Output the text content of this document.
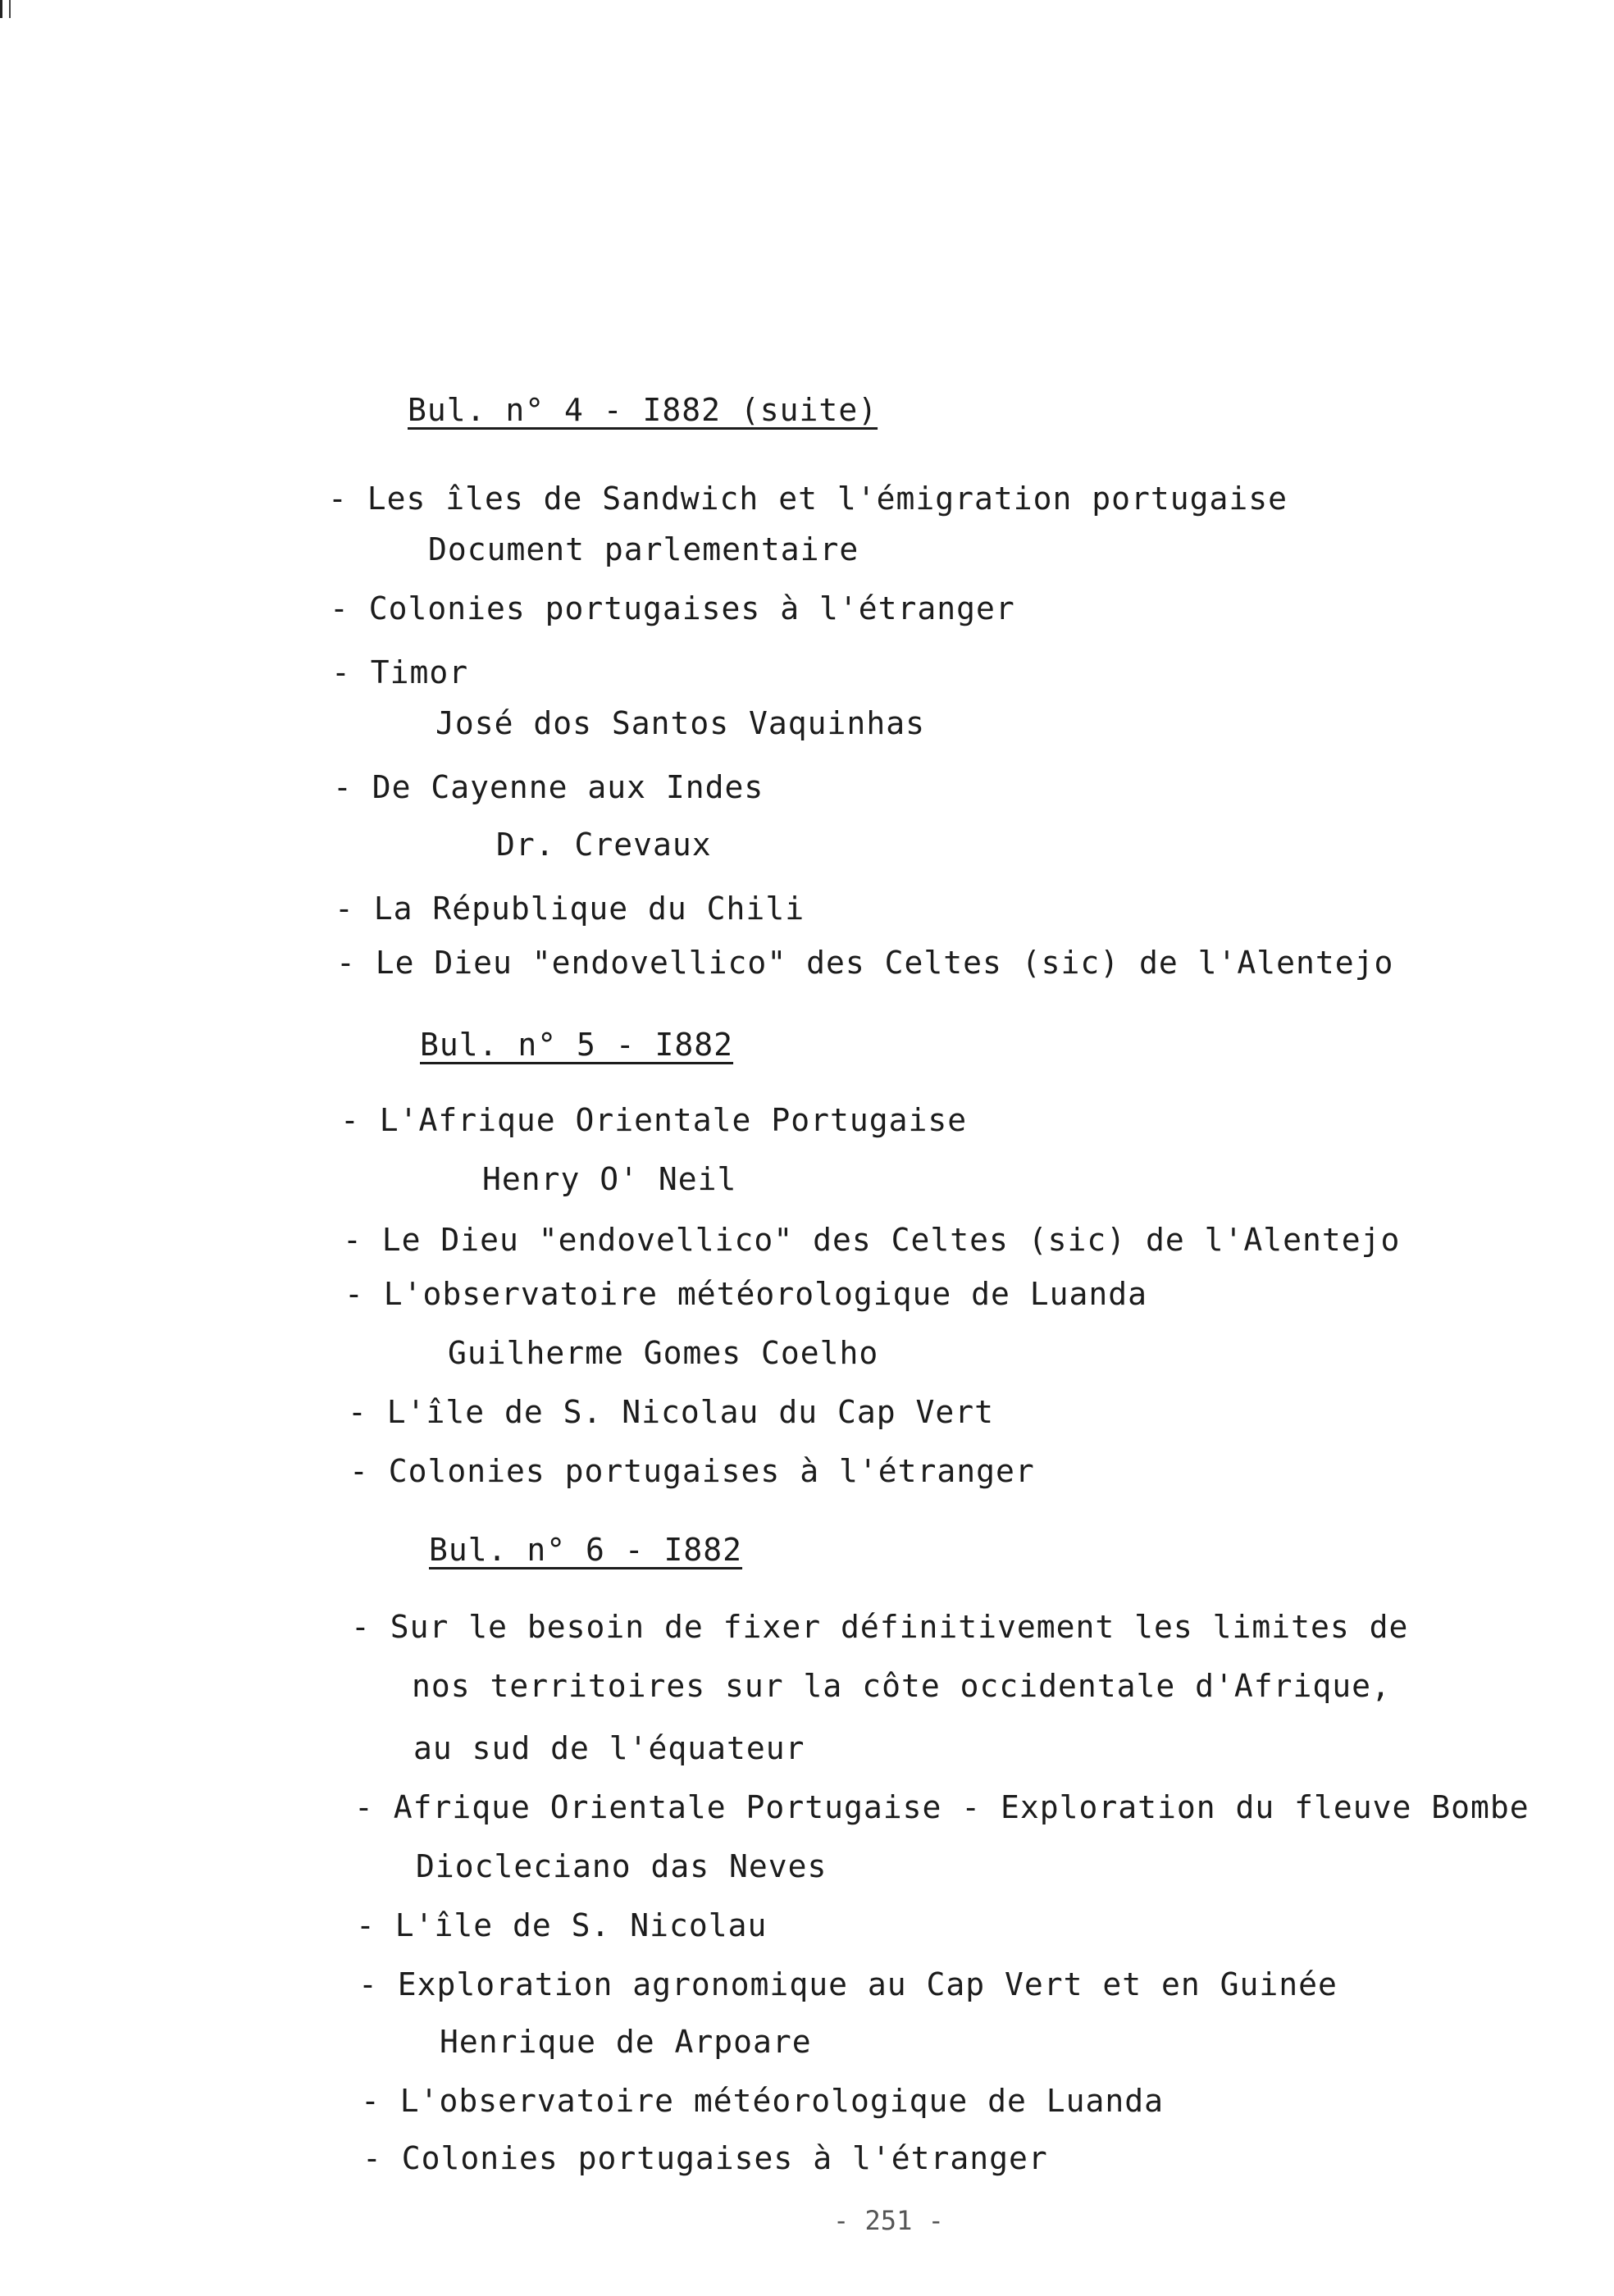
Bul. n° 4 - I882 (suite)
- Les îles de Sandwich et l'émigration portugaise
Document parlementaire
- Colonies portugaises à l'étranger
- Timor
José dos Santos Vaquinhas
- De Cayenne aux Indes
Dr. Crevaux
- La République du Chili
- Le Dieu "endovellico" des Celtes (sic) de l'Alentejo
Bul. n° 5 - I882
- L'Afrique Orientale Portugaise
Henry O' Neil
- Le Dieu "endovellico" des Celtes (sic) de l'Alentejo
- L'observatoire météorologique de Luanda
Guilherme Gomes Coelho
- L'île de S. Nicolau du Cap Vert
- Colonies portugaises à l'étranger
Bul. n° 6 - I882
- Sur le besoin de fixer définitivement les limites de
nos territoires sur la côte occidentale d'Afrique,
au sud de l'équateur
- Afrique Orientale Portugaise - Exploration du fleuve Bombe
Diocleciano das Neves
- L'île de S. Nicolau
- Exploration agronomique au Cap Vert et en Guinée
Henrique de Arpoare
- L'observatoire météorologique de Luanda
- Colonies portugaises à l'étranger
- 251 -
